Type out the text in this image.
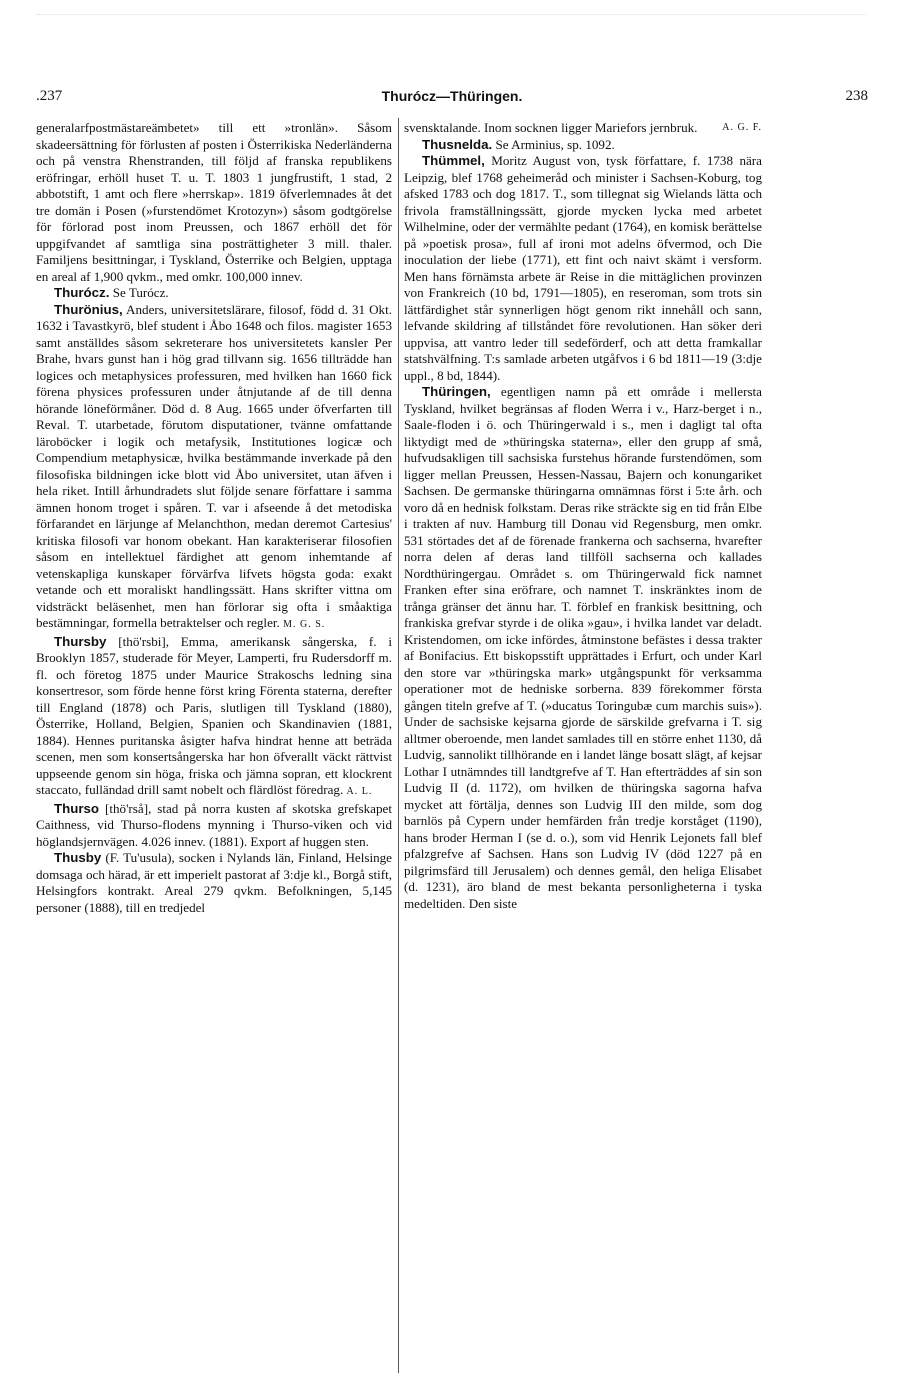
.237	Thurócz—Thüringen.	238

generalarfpostmästareämbetet» till ett »tronlän». Såsom skadeersättning för förlusten af posten i Österrikiska Nederländerna och på venstra Rhenstranden, till följd af franska republikens eröfringar, erhöll huset T. u. T. 1803 1 jungfrustift, 1 stad, 2 abbotstift, 1 amt och flere »herrskap». 1819 öfverlemnades åt det tre domän i Posen (»furstendömet Krotozyn») såsom godtgörelse för förlorad post inom Preussen, och 1867 erhöll det för uppgifvandet af samtliga sina posträttigheter 3 mill. thaler. Familjens besittningar, i Tyskland, Österrike och Belgien, upptaga en areal af 1,900 qvkm., med omkr. 100,000 innev.

Thurócz. Se Turócz.

Thurönius, Anders, universitetslärare, filosof, född d. 31 Okt. 1632 i Tavastkyrö, blef student i Åbo 1648 och filos. magister 1653 samt anställdes såsom sekreterare hos universitetets kansler Per Brahe, hvars gunst han i hög grad tillvann sig. 1656 tillträdde han logices och metaphysices professuren, med hvilken han 1660 fick förena physices professuren under åtnjutande af de till denna hörande löneförmåner. Död d. 8 Aug. 1665 under öfverfarten till Reval. T. utarbetade, förutom disputationer, tvänne omfattande läroböcker i logik och metafysik, Institutiones logicæ och Compendium metaphysicæ, hvilka bestämmande inverkade på den filosofiska bildningen icke blott vid Åbo universitet, utan äfven i hela riket. Intill århundradets slut följde senare författare i samma ämnen honom troget i spåren. T. var i afseende å det metodiska förfarandet en lärjunge af Melanchthon, medan deremot Cartesius' kritiska filosofi var honom obekant. Han karakteriserar filosofien såsom en intellektuel färdighet att genom inhemtande af vetenskapliga kunskaper förvärfva lifvets högsta goda: exakt vetande och ett moraliskt handlingssätt. Hans skrifter vittna om vidsträckt beläsenhet, men han förlorar sig ofta i småaktiga bestämningar, formella betraktelser och regler. M. G. S.

Thursby [thö'rsbi], Emma, amerikansk sångerska, f. i Brooklyn 1857, studerade för Meyer, Lamperti, fru Rudersdorff m. fl. och företog 1875 under Maurice Strakoschs ledning sina konsertresor, som förde henne först kring Förenta staterna, derefter till England (1878) och Paris, slutligen till Tyskland (1880), Österrike, Holland, Belgien, Spanien och Skandinavien (1881, 1884). Hennes puritanska åsigter hafva hindrat henne att beträda scenen, men som konsertsångerska har hon öfverallt väckt rättvist uppseende genom sin höga, friska och jämna sopran, ett klockrent staccato, fulländad drill samt nobelt och flärdlöst föredrag. A. L.

Thurso [thö'rså], stad på norra kusten af skotska grefskapet Caithness, vid Thurso-flodens mynning i Thurso-viken och vid höglandsjernvägen. 4.026 innev. (1881). Export af huggen sten.

Thusby (F. Tu'usula), socken i Nylands län, Finland, Helsinge domsaga och härad, är ett imperielt pastorat af 3:dje kl., Borgå stift, Helsingfors kontrakt. Areal 279 qvkm. Befolkningen, 5,145 personer (1888), till en tredjedel

svensktalande. Inom socknen ligger Mariefors jernbruk. A. G. F.

Thusnelda. Se Arminius, sp. 1092.

Thümmel, Moritz August von, tysk författare, f. 1738 nära Leipzig, blef 1768 geheimeråd och minister i Sachsen-Koburg, tog afsked 1783 och dog 1817. T., som tillegnat sig Wielands lätta och frivola framställningssätt, gjorde mycken lycka med arbetet Wilhelmine, oder der vermählte pedant (1764), en komisk berättelse på »poetisk prosa», full af ironi mot adelns öfvermod, och Die inoculation der liebe (1771), ett fint och naivt skämt i versform. Men hans förnämsta arbete är Reise in die mittäglichen provinzen von Frankreich (10 bd, 1791—1805), en reseroman, som trots sin lättfärdighet står synnerligen högt genom rikt innehåll och sann, lefvande skildring af tillståndet före revolutionen. Han söker deri uppvisa, att vantro leder till sedeförderf, och att detta framkallar statshvälfning. T:s samlade arbeten utgåfvos i 6 bd 1811—19 (3:dje uppl., 8 bd, 1844).

Thüringen, egentligen namn på ett område i mellersta Tyskland, hvilket begränsas af floden Werra i v., Harz-berget i n., Saale-floden i ö. och Thüringerwald i s., men i dagligt tal ofta liktydigt med de »thüringska staterna», eller den grupp af små, hufvudsakligen till sachsiska furstehus hörande furstendömen, som ligger mellan Preussen, Hessen-Nassau, Bajern och konungariket Sachsen. De germanske thüringarna omnämnas först i 5:te årh. och voro då en hednisk folkstam. Deras rike sträckte sig en tid från Elbe i trakten af nuv. Hamburg till Donau vid Regensburg, men omkr. 531 störtades det af de förenade frankerna och sachserna, hvarefter norra delen af deras land tillföll sachserna och kallades Nordthüringergau. Området s. om Thüringerwald fick namnet Franken efter sina eröfrare, och namnet T. inskränktes inom de trånga gränser det ännu har. T. förblef en frankisk besittning, och frankiska grefvar styrde i de olika »gau», i hvilka landet var deladt. Kristendomen, om icke infördes, åtminstone befästes i dessa trakter af Bonifacius. Ett biskopsstift upprättades i Erfurt, och under Karl den store var »thüringska mark» utgångspunkt för verksamma operationer mot de hedniske sorberna. 839 förekommer första gången titeln grefve af T. (»ducatus Toringubæ cum marchis suis»). Under de sachsiske kejsarna gjorde de särskilde grefvarna i T. sig alltmer oberoende, men landet samlades till en större enhet 1130, då Ludvig, sannolikt tillhörande en i landet länge bosatt slägt, af kejsar Lothar I utnämndes till landtgrefve af T. Han efterträddes af sin son Ludvig II (d. 1172), om hvilken de thüringska sagorna hafva mycket att förtälja, dennes son Ludvig III den milde, som dog barnlös på Cypern under hemfärden från tredje korståget (1190), hans broder Herman I (se d. o.), som vid Henrik Lejonets fall blef pfalzgrefve af Sachsen. Hans son Ludvig IV (död 1227 på en pilgrimsfärd till Jerusalem) och dennes gemål, den heliga Elisabet (d. 1231), äro bland de mest bekanta personligheterna i tyska medeltiden. Den siste
